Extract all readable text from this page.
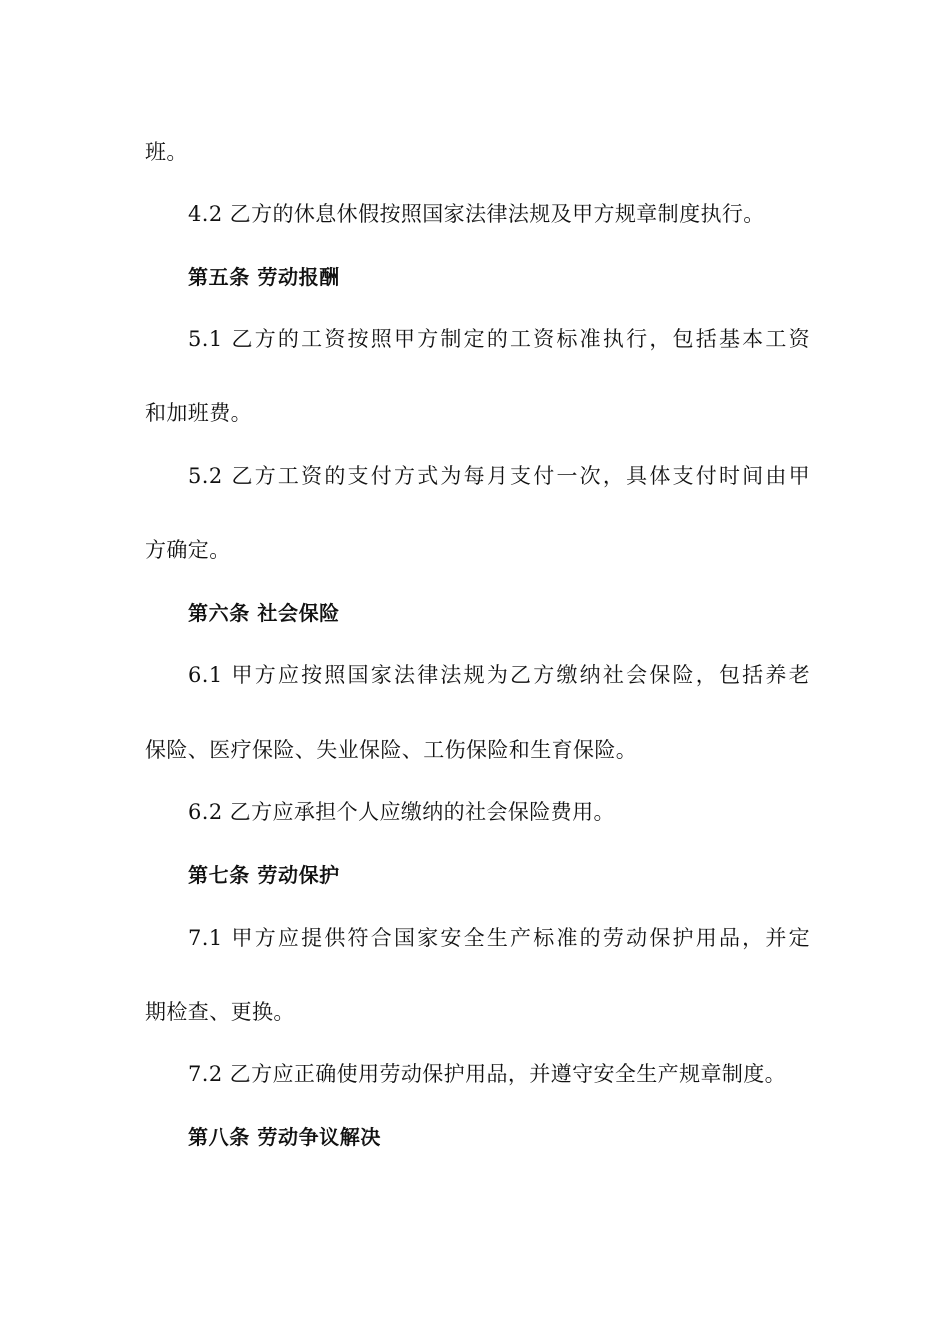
班。
4.2 乙方的休息休假按照国家法律法规及甲方规章制度执行。
第五条 劳动报酬
5.1 乙方的工资按照甲方制定的工资标准执行，包括基本工资
和加班费。
5.2 乙方工资的支付方式为每月支付一次，具体支付时间由甲
方确定。
第六条 社会保险
6.1 甲方应按照国家法律法规为乙方缴纳社会保险，包括养老
保险、医疗保险、失业保险、工伤保险和生育保险。
6.2 乙方应承担个人应缴纳的社会保险费用。
第七条 劳动保护
7.1 甲方应提供符合国家安全生产标准的劳动保护用品，并定
期检查、更换。
7.2 乙方应正确使用劳动保护用品，并遵守安全生产规章制度。
第八条 劳动争议解决
